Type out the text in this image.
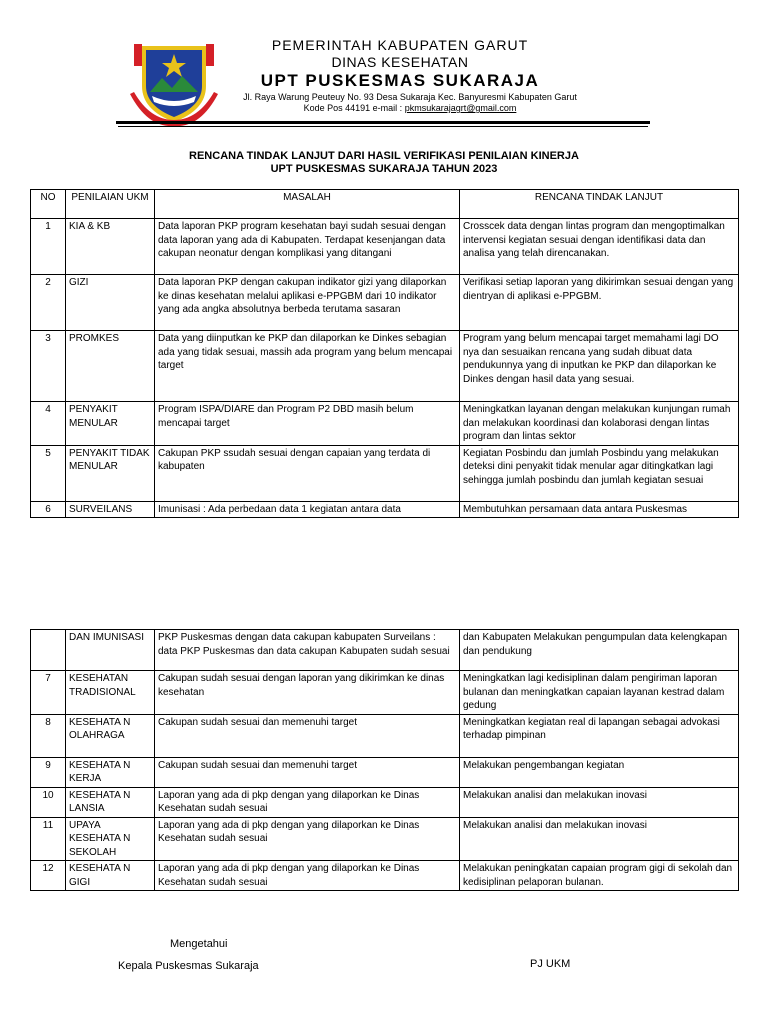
PEMERINTAH KABUPATEN GARUT
DINAS KESEHATAN
UPT PUSKESMAS SUKARAJA
Jl. Raya Warung Peuteuy No. 93 Desa Sukaraja Kec. Banyuresmi Kabupaten Garut
Kode Pos 44191 e-mail : pkmsukarajagrt@gmail.com
RENCANA TINDAK LANJUT DARI HASIL VERIFIKASI PENILAIAN KINERJA
UPT PUSKESMAS SUKARAJA TAHUN 2023
NO	PENILAIAN UKM	MASALAH	RENCANA TINDAK LANJUT
1	KIA & KB	Data laporan PKP program kesehatan bayi sudah sesuai dengan data laporan yang ada di Kabupaten. Terdapat kesenjangan data cakupan neonatur dengan komplikasi yang ditangani	Crosscek data dengan lintas program dan mengoptimalkan intervensi kegiatan sesuai dengan identifikasi data dan analisa yang telah direncanakan.
2	GIZI	Data laporan PKP dengan cakupan indikator gizi yang dilaporkan ke dinas kesehatan melalui aplikasi e-PPGBM dari 10 indikator yang ada angka absolutnya berbeda terutama sasaran	Verifikasi setiap laporan yang dikirimkan sesuai dengan yang dientryan di aplikasi e-PPGBM.
3	PROMKES	Data yang diinputkan ke PKP dan dilaporkan ke Dinkes sebagian ada yang tidak sesuai, massih ada program yang belum mencapai target	Program yang belum mencapai target memahami lagi DO nya dan sesuaikan rencana yang sudah dibuat data pendukunnya yang di inputkan ke PKP dan dilaporkan ke Dinkes dengan hasil data yang sesuai.
4	PENYAKIT MENULAR	Program ISPA/DIARE dan Program P2 DBD masih belum mencapai target	Meningkatkan layanan dengan melakukan kunjungan rumah dan melakukan koordinasi dan kolaborasi dengan lintas program dan lintas sektor
5	PENYAKIT TIDAK MENULAR	Cakupan PKP ssudah sesuai dengan capaian yang terdata di kabupaten	Kegiatan Posbindu dan jumlah Posbindu yang melakukan deteksi dini penyakit tidak menular agar ditingkatkan lagi sehingga jumlah posbindu dan jumlah kegiatan sesuai
6	SURVEILANS	Imunisasi : Ada perbedaan data 1 kegiatan antara data	Membutuhkan persamaan data antara Puskesmas
	DAN IMUNISASI	PKP Puskesmas dengan data cakupan kabupaten Surveilans : data PKP Puskesmas dan data cakupan Kabupaten sudah sesuai	dan Kabupaten Melakukan pengumpulan data kelengkapan dan pendukung
7	KESEHATAN TRADISIONAL	Cakupan sudah sesuai dengan laporan yang dikirimkan ke dinas kesehatan	Meningkatkan lagi kedisiplinan dalam pengiriman laporan bulanan dan meningkatkan capaian layanan kestrad dalam gedung
8	KESEHATA N OLAHRAGA	Cakupan sudah sesuai dan memenuhi target	Meningkatkan kegiatan real di lapangan sebagai advokasi terhadap pimpinan
9	KESEHATA N KERJA	Cakupan sudah sesuai dan memenuhi target	Melakukan pengembangan kegiatan
10	KESEHATA N LANSIA	Laporan yang ada di pkp dengan yang dilaporkan ke Dinas Kesehatan sudah sesuai	Melakukan analisi dan melakukan inovasi
11	UPAYA KESEHATA N SEKOLAH	Laporan yang ada di pkp dengan yang dilaporkan ke Dinas Kesehatan sudah sesuai	Melakukan analisi dan melakukan inovasi
12	KESEHATA N GIGI	Laporan yang ada di pkp dengan yang dilaporkan ke Dinas Kesehatan sudah sesuai	Melakukan peningkatan capaian program gigi di sekolah dan kedisiplinan pelaporan bulanan.
Mengetahui
Kepala Puskesmas Sukaraja	PJ UKM
